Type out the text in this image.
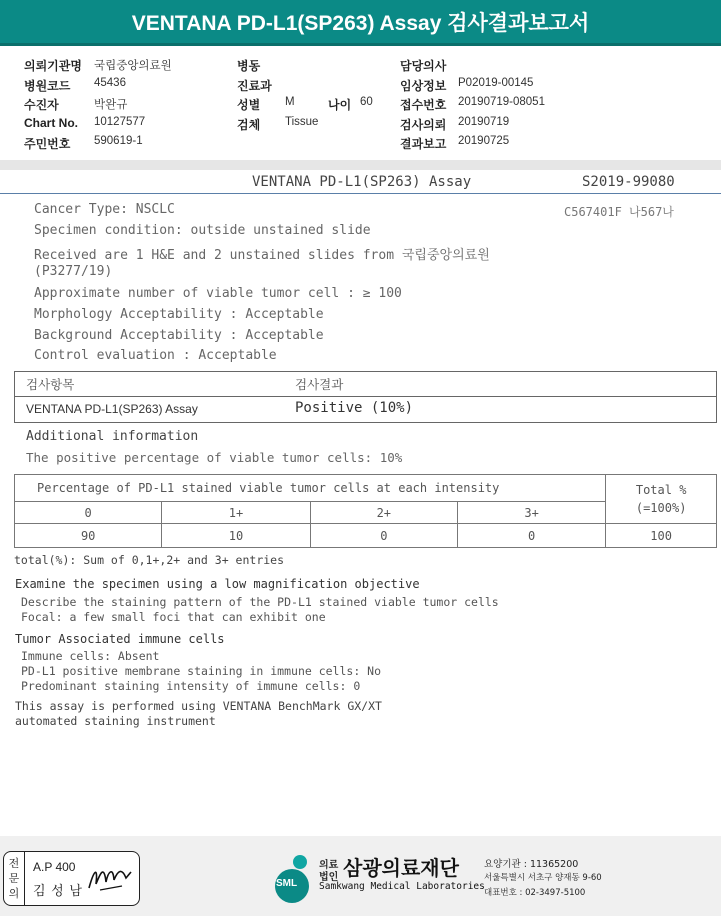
VENTANA PD-L1(SP263) Assay 검사결과보고서
의뢰기관명 국립중앙의료원
병원코드 45436
수진자	박완규
Chart No. 10127577
주민번호 590619-1
병동
진료과
성별 M	나이 60
검체 Tissue
담당의사
임상정보 P02019-00145
접수번호 20190719-08051
검사의뢰 20190719
결과보고 20190725
VENTANA PD-L1(SP263) Assay	S2019-99080
C567401F 나567나
Cancer Type: NSCLC
Specimen condition: outside unstained slide
Received are 1 H&E and 2 unstained slides from 국립중앙의료원
(P3277/19)
Approximate number of viable tumor cell : ≥ 100
Morphology Acceptability : Acceptable
Background Acceptability : Acceptable
Control evaluation : Acceptable
검사항목	검사결과
VENTANA PD-L1(SP263) Assay	Positive (10%)
Additional information
The positive percentage of viable tumor cells: 10%
Percentage of PD-L1 stained viable tumor cells at each intensity				Total %
(=100%)

0	1+	2+	3+	
90	10	0	0	100
total(%): Sum of 0,1+,2+ and 3+ entries
Examine the specimen using a low magnification objective
Describe the staining pattern of the PD-L1 stained viable tumor cells
Focal: a few small foci that can exhibit one
Tumor Associated immune cells
Immune cells: Absent
PD-L1 positive membrane staining in immune cells: No
Predominant staining intensity of immune cells: 0
This assay is performed using VENTANA BenchMark GX/XT
automated staining instrument
전문의
A.P 400
김 성 남	SML
의료
법인 삼광의료재단
Samkwang Medical Laboratories
요양기관 : 11365200
서울특별시 서초구 양재동 9-60
대표번호 : 02-3497-5100
